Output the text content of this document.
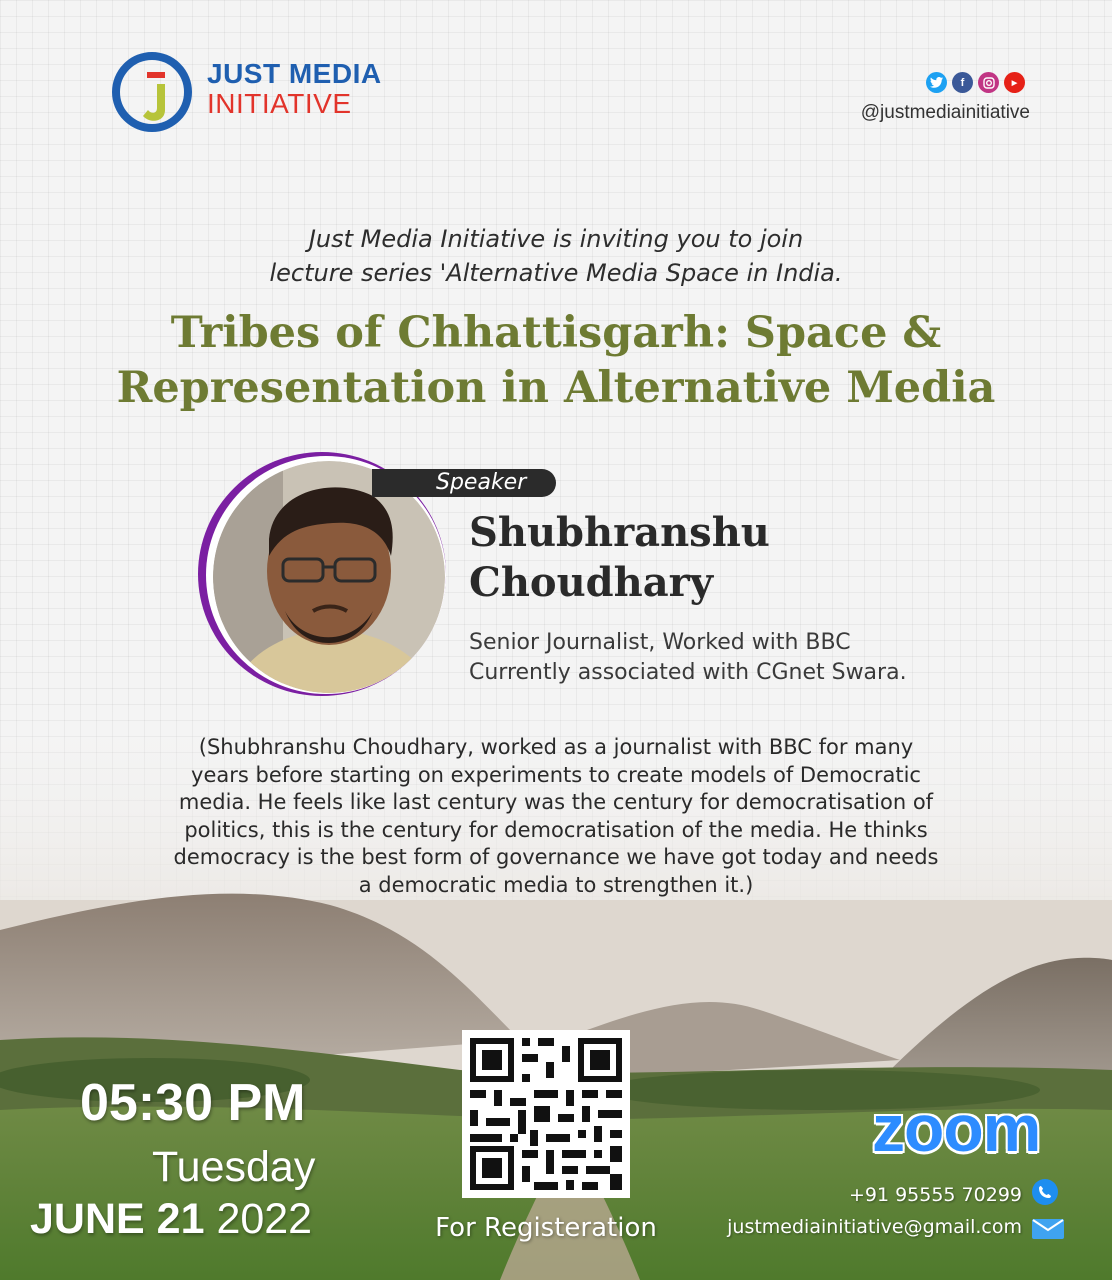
JUST MEDIA
INITIATIVE
f	▶
@justmediainitiative
Just Media Initiative is inviting you to join
lecture series 'Alternative Media Space in India.
Tribes of Chhattisgarh: Space &
Representation in Alternative Media
Speaker
Shubhranshu
Choudhary
Senior Journalist, Worked with BBC
Currently associated with CGnet Swara.
(Shubhranshu Choudhary, worked as a journalist with BBC for many
years before starting on experiments to create models of Democratic
media. He feels like last century was the century for democratisation of
politics, this is the century for democratisation of the media. He thinks
democracy is the best form of governance we have got today and needs
a democratic media to strengthen it.)
05:30 PM
Tuesday
JUNE 21 2022	For Registeration
zoom
+91 95555 70299
justmediainitiative@gmail.com
